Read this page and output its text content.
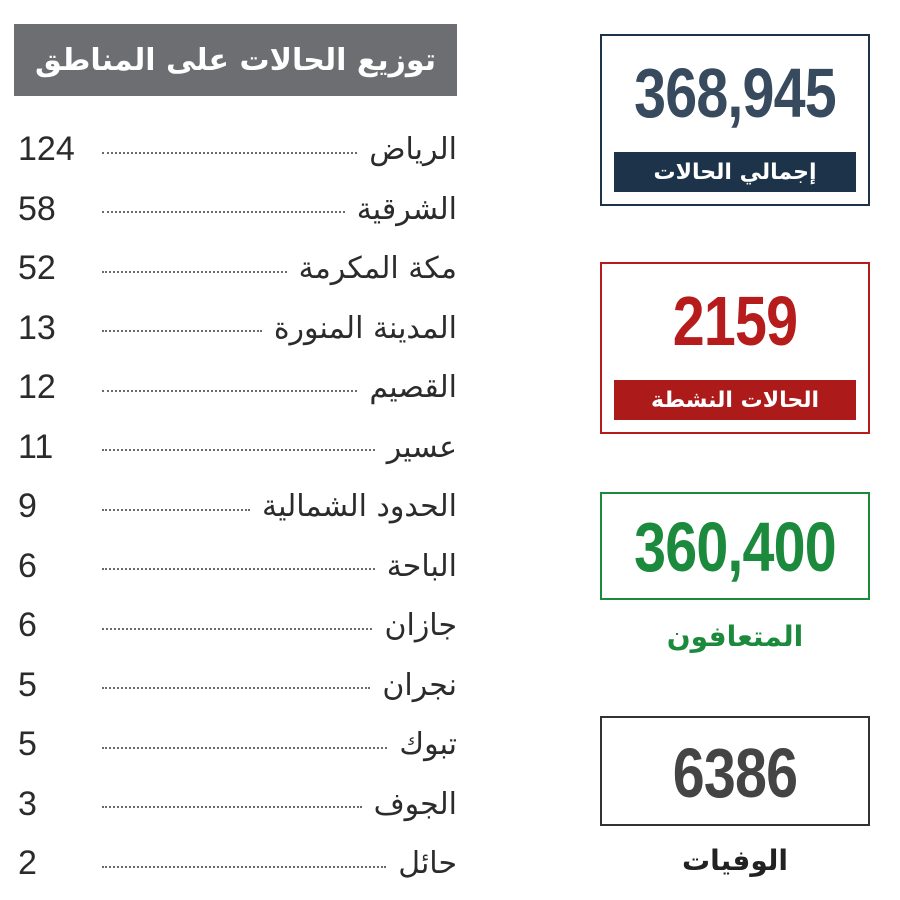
توزيع الحالات على المناطق
124	الرياض
58	الشرقية
52	مكة المكرمة
13	المدينة المنورة
12	القصيم
11	عسير
9	الحدود الشمالية
6	الباحة
6	جازان
5	نجران
5	تبوك
3	الجوف
2	حائل
368,945
إجمالي الحالات
2159
الحالات النشطة
360,400
المتعافون
6386
الوفيات
